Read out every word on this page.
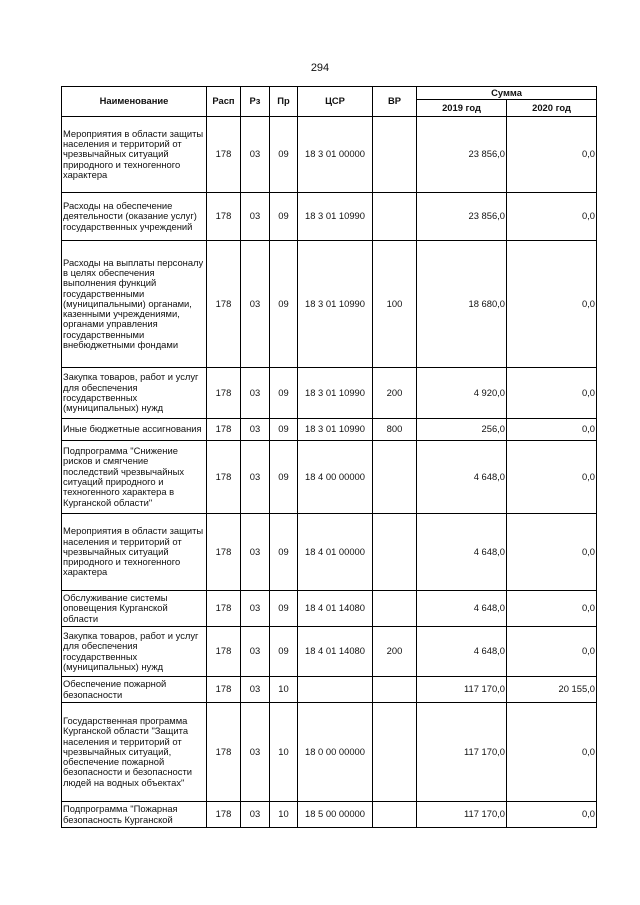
294
Наименование	Расп	Рз	Пр	ЦСР	ВР	Сумма	
						2019 год	2020 год
Мероприятия в области защиты населения и территорий от чрезвычайных ситуаций природного и техногенного характера	178	03	09	18 3 01 00000		23 856,0	0,0
Расходы на обеспечение деятельности (оказание услуг) государственных учреждений	178	03	09	18 3 01 10990		23 856,0	0,0
Расходы на выплаты персоналу в целях обеспечения выполнения функций государственными (муниципальными) органами, казенными учреждениями, органами управления государственными внебюджетными фондами	178	03	09	18 3 01 10990	100	18 680,0	0,0
Закупка товаров, работ и услуг для обеспечения государственных (муниципальных) нужд	178	03	09	18 3 01 10990	200	4 920,0	0,0
Иные бюджетные ассигнования	178	03	09	18 3 01 10990	800	256,0	0,0
Подпрограмма "Снижение рисков и смягчение последствий чрезвычайных ситуаций природного и техногенного характера в Курганской области"	178	03	09	18 4 00 00000		4 648,0	0,0
Мероприятия в области защиты населения и территорий от чрезвычайных ситуаций природного и техногенного характера	178	03	09	18 4 01 00000		4 648,0	0,0
Обслуживание системы оповещения Курганской области	178	03	09	18 4 01 14080		4 648,0	0,0
Закупка товаров, работ и услуг для обеспечения государственных (муниципальных) нужд	178	03	09	18 4 01 14080	200	4 648,0	0,0
Обеспечение пожарной безопасности	178	03	10			117 170,0	20 155,0
Государственная программа Курганской области "Защита населения и территорий от чрезвычайных ситуаций, обеспечение пожарной безопасности и безопасности людей на водных объектах"	178	03	10	18 0 00 00000		117 170,0	0,0
Подпрограмма "Пожарная безопасность Курганской	178	03	10	18 5 00 00000		117 170,0	0,0
